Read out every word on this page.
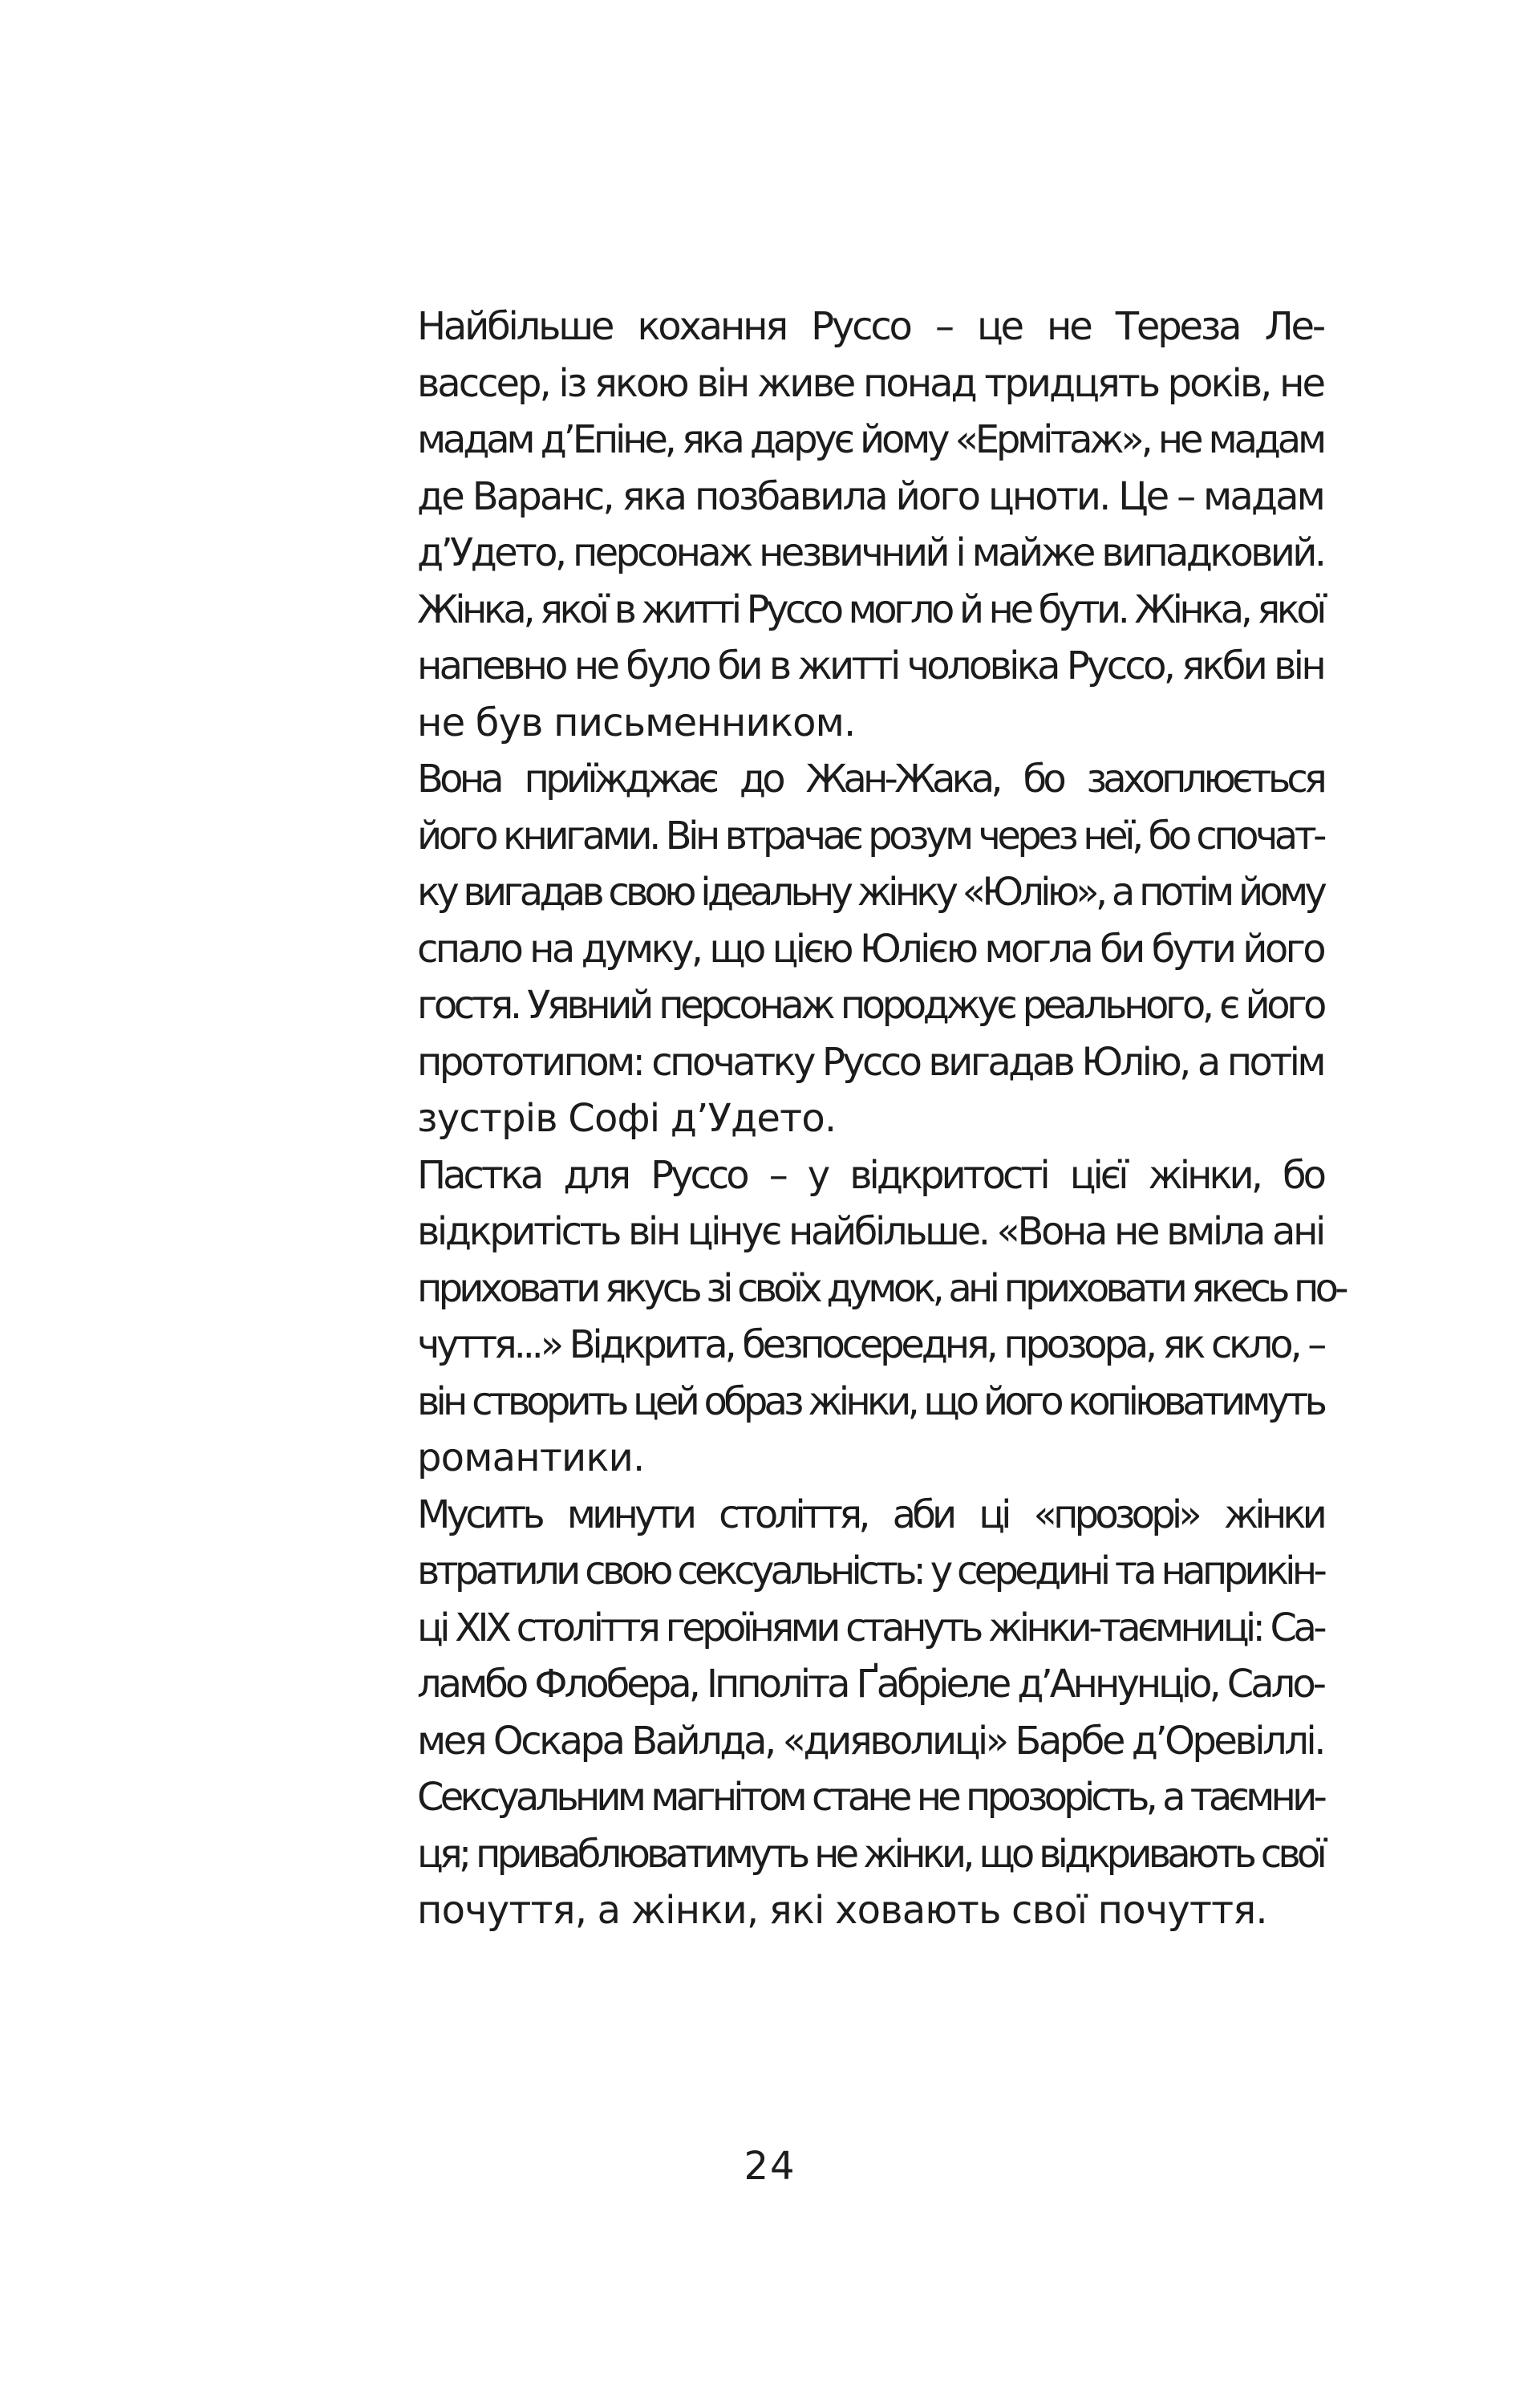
Найбільше кохання Руссо – це не Тереза Ле-
вассер, із якою він живе понад тридцять років, не
мадам д’Епіне, яка дарує йому «Ермітаж», не мадам
де Варанс, яка позбавила його цноти. Це – мадам
д’Удето, персонаж незвичний і майже випадковий.
Жінка, якої в житті Руссо могло й не бути. Жінка, якої
напевно не було би в житті чоловіка Руссо, якби він
не був письменником.

Вона приїжджає до Жан-Жака, бо захоплюється
його книгами. Він втрачає розум через неї, бо спочат-
ку вигадав свою ідеальну жінку «Юлію», а потім йому
спало на думку, що цією Юлією могла би бути його
гостя. Уявний персонаж породжує реального, є його
прототипом: спочатку Руссо вигадав Юлію, а потім
зустрів Софі д’Удето.

Пастка для Руссо – у відкритості цієї жінки, бо
відкритість він цінує найбільше. «Вона не вміла ані
приховати якусь зі своїх думок, ані приховати якесь по-
чуття...» Відкрита, безпосередня, прозора, як скло, –
він створить цей образ жінки, що його копіюватимуть
романтики.

Мусить минути століття, аби ці «прозорі» жінки
втратили свою сексуальність: у середині та наприкін-
ці XIX століття героїнями стануть жінки-таємниці: Са-
ламбо Флобера, Іпполіта Ґабріеле д’Аннунціо, Сало-
мея Оскара Вайлда, «дияволиці» Барбе д’Оревіллі.
Сексуальним магнітом стане не прозорість, а таємни-
ця; приваблюватимуть не жінки, що відкривають свої
почуття, а жінки, які ховають свої почуття.

24
